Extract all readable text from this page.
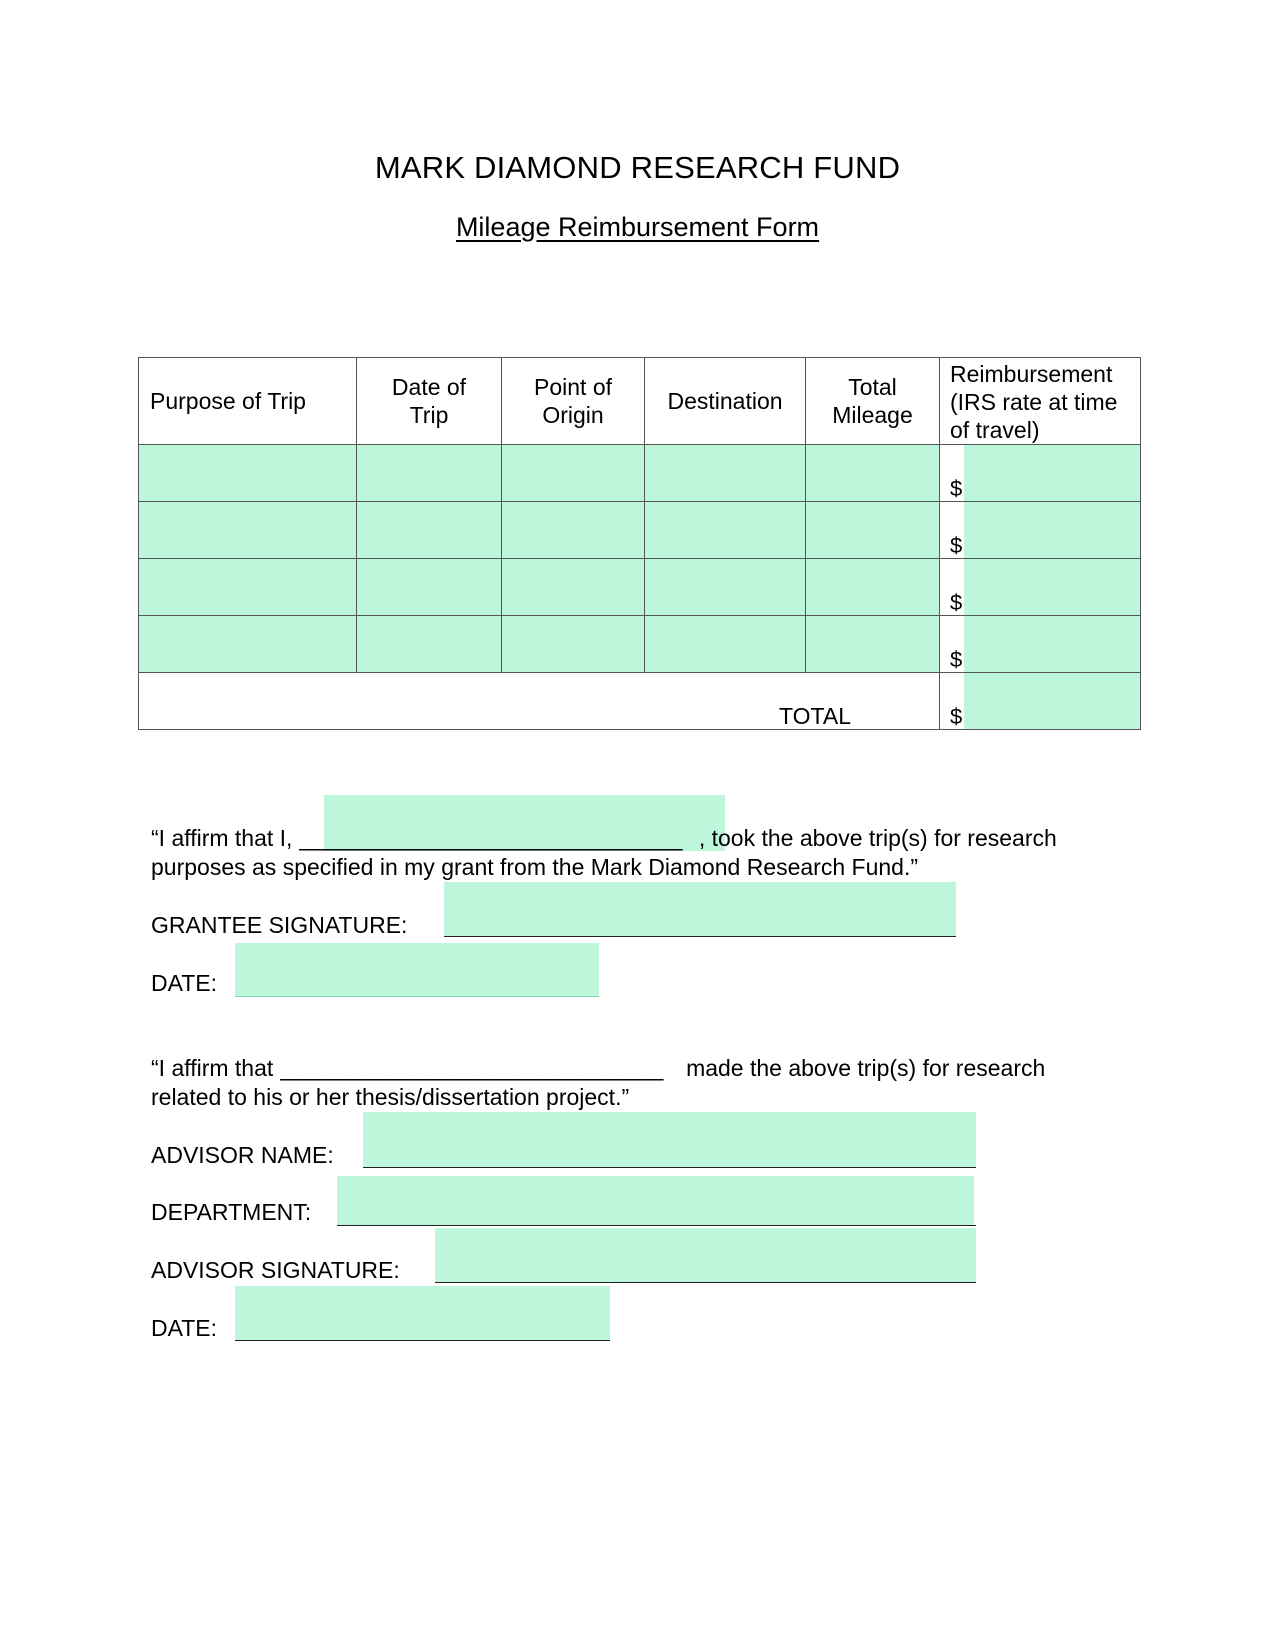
MARK DIAMOND RESEARCH FUND
Mileage Reimbursement Form
Purpose of Trip	Date of Trip	Point of Origin	Destination	Total Mileage	Reimbursement (IRS rate at time of travel)

					$

					$

					$

					$

TOTAL					$
“I affirm that I, ______________________________ , took the above trip(s) for research
purposes as specified in my grant from the Mark Diamond Research Fund.”
GRANTEE SIGNATURE:
DATE:
“I affirm that ______________________________ made the above trip(s) for research
related to his or her thesis/dissertation project.”
ADVISOR NAME:
DEPARTMENT:
ADVISOR SIGNATURE:
DATE:
